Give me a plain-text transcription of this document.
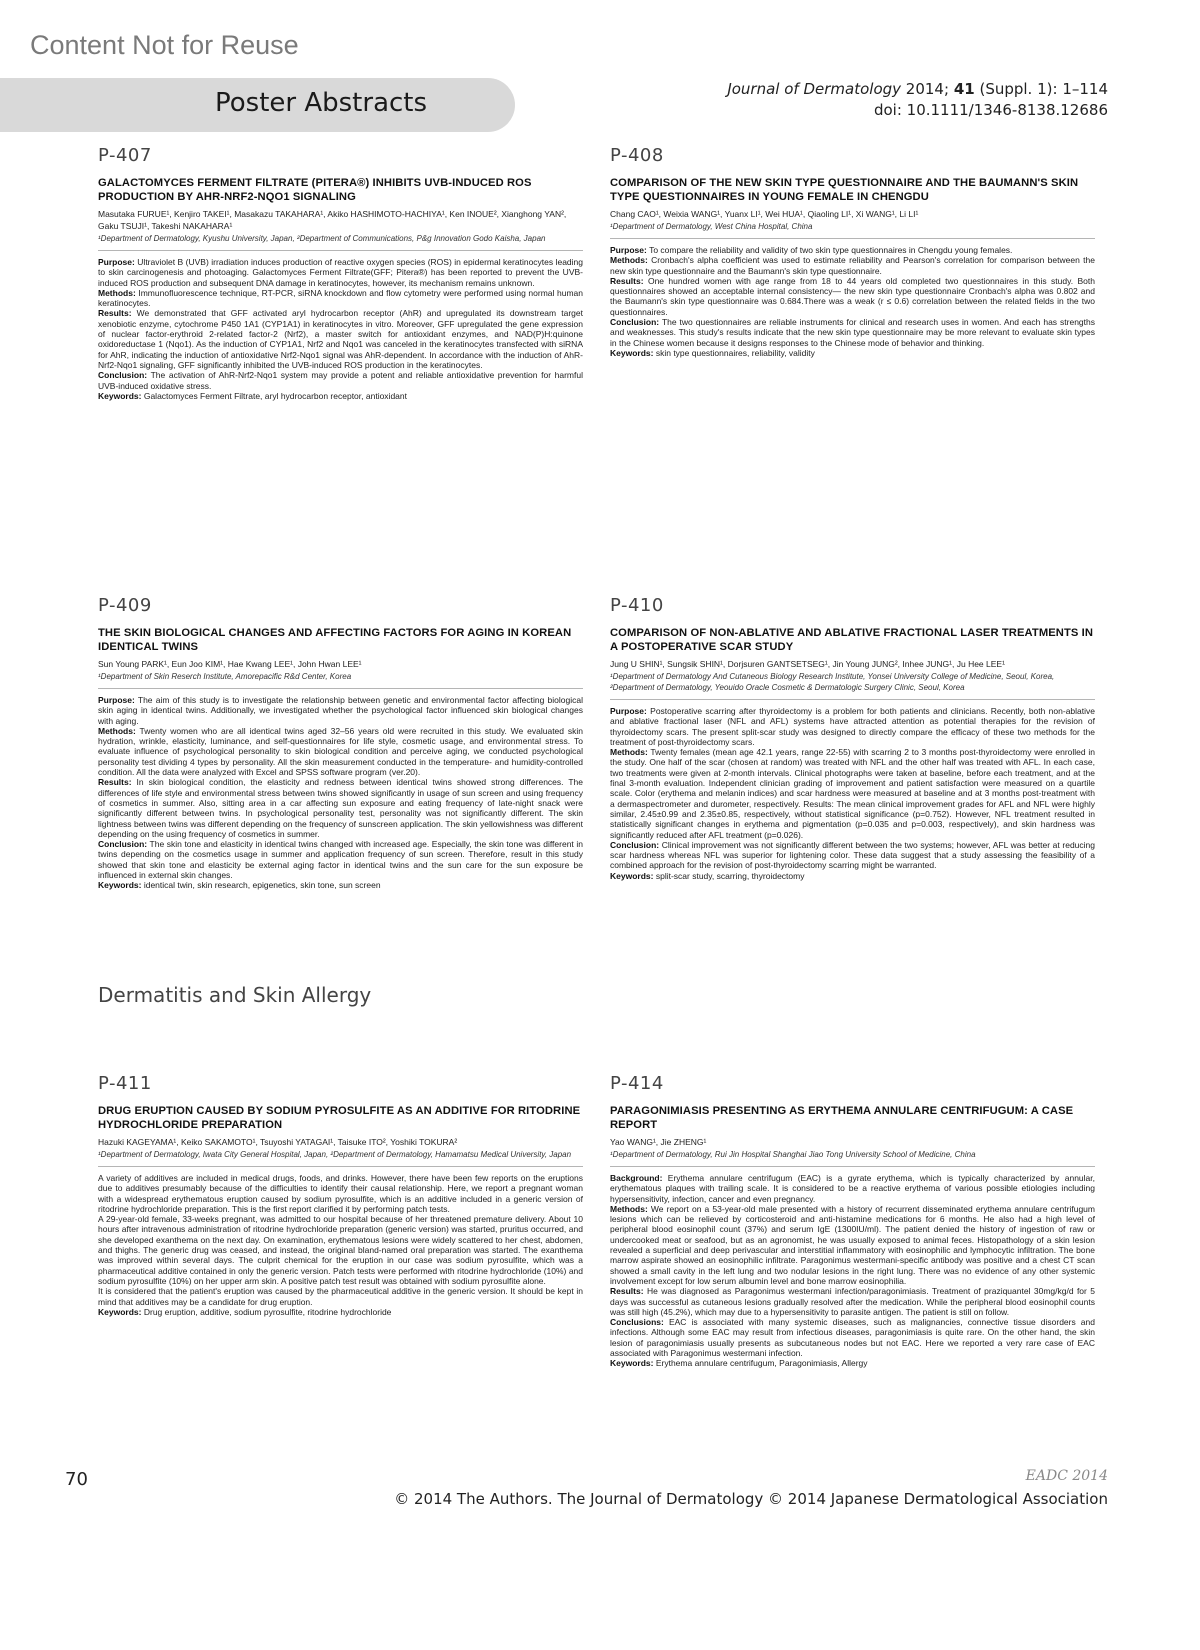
Content Not for Reuse
Poster Abstracts	Journal of Dermatology 2014; 41 (Suppl. 1): 1–114
doi: 10.1111/1346-8138.12686
P-407
GALACTOMYCES FERMENT FILTRATE (PITERA®) INHIBITS UVB-INDUCED ROS PRODUCTION BY AHR-NRF2-NQO1 SIGNALING
Masutaka FURUE¹, Kenjiro TAKEI¹, Masakazu TAKAHARA¹, Akiko HASHIMOTO-HACHIYA¹, Ken INOUE², Xianghong YAN², Gaku TSUJI¹, Takeshi NAKAHARA¹
¹Department of Dermatology, Kyushu University, Japan, ²Department of Communications, P&g Innovation Godo Kaisha, Japan
Purpose: Ultraviolet B (UVB) irradiation induces production of reactive oxygen species (ROS) in epidermal keratinocytes leading to skin carcinogenesis and photoaging. Galactomyces Ferment Filtrate(GFF; Pitera®) has been reported to prevent the UVB-induced ROS production and subsequent DNA damage in keratinocytes, however, its mechanism remains unknown.
Methods: Immunofluorescence technique, RT-PCR, siRNA knockdown and flow cytometry were performed using normal human keratinocytes.
Results: We demonstrated that GFF activated aryl hydrocarbon receptor (AhR) and upregulated its downstream target xenobiotic enzyme, cytochrome P450 1A1 (CYP1A1) in keratinocytes in vitro. Moreover, GFF upregulated the gene expression of nuclear factor-erythroid 2-related factor-2 (Nrf2), a master switch for antioxidant enzymes, and NAD(P)H:quinone oxidoreductase 1 (Nqo1). As the induction of CYP1A1, Nrf2 and Nqo1 was canceled in the keratinocytes transfected with siRNA for AhR, indicating the induction of antioxidative Nrf2-Nqo1 signal was AhR-dependent. In accordance with the induction of AhR-Nrf2-Nqo1 signaling, GFF significantly inhibited the UVB-induced ROS production in the keratinocytes.
Conclusion: The activation of AhR-Nrf2-Nqo1 system may provide a potent and reliable antioxidative prevention for harmful UVB-induced oxidative stress.
Keywords: Galactomyces Ferment Filtrate, aryl hydrocarbon receptor, antioxidant
P-408
COMPARISON OF THE NEW SKIN TYPE QUESTIONNAIRE AND THE BAUMANN'S SKIN TYPE QUESTIONNAIRES IN YOUNG FEMALE IN CHENGDU
Chang CAO¹, Weixia WANG¹, Yuanx LI¹, Wei HUA¹, Qiaoling LI¹, Xi WANG¹, Li LI¹
¹Department of Dermatology, West China Hospital, China
Purpose: To compare the reliability and validity of two skin type questionnaires in Chengdu young females.
Methods: Cronbach's alpha coefficient was used to estimate reliability and Pearson's correlation for comparison between the new skin type questionnaire and the Baumann's skin type questionnaire.
Results: One hundred women with age range from 18 to 44 years old completed two questionnaires in this study. Both questionnaires showed an acceptable internal consistency— the new skin type questionnaire Cronbach's alpha was 0.802 and the Baumann's skin type questionnaire was 0.684.There was a weak (r ≤ 0.6) correlation between the related fields in the two questionnaires.
Conclusion: The two questionnaires are reliable instruments for clinical and research uses in women. And each has strengths and weaknesses. This study's results indicate that the new skin type questionnaire may be more relevant to evaluate skin types in the Chinese women because it designs responses to the Chinese mode of behavior and thinking.
Keywords: skin type questionnaires, reliability, validity
P-409
THE SKIN BIOLOGICAL CHANGES AND AFFECTING FACTORS FOR AGING IN KOREAN IDENTICAL TWINS
Sun Young PARK¹, Eun Joo KIM¹, Hae Kwang LEE¹, John Hwan LEE¹
¹Department of Skin Reserch Institute, Amorepacific R&d Center, Korea
Purpose: The aim of this study is to investigate the relationship between genetic and environmental factor affecting biological skin aging in identical twins. Additionally, we investigated whether the psychological factor influenced skin biological changes with aging.
Methods: Twenty women who are all identical twins aged 32–56 years old were recruited in this study. We evaluated skin hydration, wrinkle, elasticity, luminance, and self-questionnaires for life style, cosmetic usage, and environmental stress. To evaluate influence of psychological personality to skin biological condition and perceive aging, we conducted psychological personality test dividing 4 types by personality. All the skin measurement conducted in the temperature- and humidity-controlled condition. All the data were analyzed with Excel and SPSS software program (ver.20).
Results: In skin biological condition, the elasticity and redness between identical twins showed strong differences. The differences of life style and environmental stress between twins showed significantly in usage of sun screen and using frequency of cosmetics in summer. Also, sitting area in a car affecting sun exposure and eating frequency of late-night snack were significantly different between twins. In psychological personality test, personality was not significantly different. The skin lightness between twins was different depending on the frequency of sunscreen application. The skin yellowishness was different depending on the using frequency of cosmetics in summer.
Conclusion: The skin tone and elasticity in identical twins changed with increased age. Especially, the skin tone was different in twins depending on the cosmetics usage in summer and application frequency of sun screen. Therefore, result in this study showed that skin tone and elasticity be external aging factor in identical twins and the sun care for the sun exposure be influenced in external skin changes.
Keywords: identical twin, skin research, epigenetics, skin tone, sun screen
P-410
COMPARISON OF NON-ABLATIVE AND ABLATIVE FRACTIONAL LASER TREATMENTS IN A POSTOPERATIVE SCAR STUDY
Jung U SHIN¹, Sungsik SHIN¹, Dorjsuren GANTSETSEG¹, Jin Young JUNG², Inhee JUNG¹, Ju Hee LEE¹
¹Department of Dermatology And Cutaneous Biology Research Institute, Yonsei University College of Medicine, Seoul, Korea, ²Department of Dermatology, Yeouido Oracle Cosmetic & Dermatologic Surgery Clinic, Seoul, Korea
Purpose: Postoperative scarring after thyroidectomy is a problem for both patients and clinicians. Recently, both non-ablative and ablative fractional laser (NFL and AFL) systems have attracted attention as potential therapies for the revision of thyroidectomy scars. The present split-scar study was designed to directly compare the efficacy of these two methods for the treatment of post-thyroidectomy scars.
Methods: Twenty females (mean age 42.1 years, range 22-55) with scarring 2 to 3 months post-thyroidectomy were enrolled in the study. One half of the scar (chosen at random) was treated with NFL and the other half was treated with AFL. In each case, two treatments were given at 2-month intervals. Clinical photographs were taken at baseline, before each treatment, and at the final 3-month evaluation. Independent clinician grading of improvement and patient satisfaction were measured on a quartile scale. Color (erythema and melanin indices) and scar hardness were measured at baseline and at 3 months post-treatment with a dermaspectrometer and durometer, respectively. Results: The mean clinical improvement grades for AFL and NFL were highly similar, 2.45±0.99 and 2.35±0.85, respectively, without statistical significance (p=0.752). However, NFL treatment resulted in statistically significant changes in erythema and pigmentation (p=0.035 and p=0.003, respectively), and skin hardness was significantly reduced after AFL treatment (p=0.026).
Conclusion: Clinical improvement was not significantly different between the two systems; however, AFL was better at reducing scar hardness whereas NFL was superior for lightening color. These data suggest that a study assessing the feasibility of a combined approach for the revision of post-thyroidectomy scarring might be warranted.
Keywords: split-scar study, scarring, thyroidectomy
Dermatitis and Skin Allergy
P-411
DRUG ERUPTION CAUSED BY SODIUM PYROSULFITE AS AN ADDITIVE FOR RITODRINE HYDROCHLORIDE PREPARATION
Hazuki KAGEYAMA¹, Keiko SAKAMOTO¹, Tsuyoshi YATAGAI¹, Taisuke ITO², Yoshiki TOKURA²
¹Department of Dermatology, Iwata City General Hospital, Japan, ²Department of Dermatology, Hamamatsu Medical University, Japan
A variety of additives are included in medical drugs, foods, and drinks. However, there have been few reports on the eruptions due to additives presumably because of the difficulties to identify their causal relationship. Here, we report a pregnant woman with a widespread erythematous eruption caused by sodium pyrosulfite, which is an additive included in a generic version of ritodrine hydrochloride preparation. This is the first report clarified it by performing patch tests.
A 29-year-old female, 33-weeks pregnant, was admitted to our hospital because of her threatened premature delivery. About 10 hours after intravenous administration of ritodrine hydrochloride preparation (generic version) was started, pruritus occurred, and she developed exanthema on the next day. On examination, erythematous lesions were widely scattered to her chest, abdomen, and thighs. The generic drug was ceased, and instead, the original bland-named oral preparation was started. The exanthema was improved within several days. The culprit chemical for the eruption in our case was sodium pyrosulfite, which was a pharmaceutical additive contained in only the generic version. Patch tests were performed with ritodrine hydrochloride (10%) and sodium pyrosulfite (10%) on her upper arm skin. A positive patch test result was obtained with sodium pyrosulfite alone.
It is considered that the patient's eruption was caused by the pharmaceutical additive in the generic version. It should be kept in mind that additives may be a candidate for drug eruption.
Keywords: Drug eruption, additive, sodium pyrosulfite, ritodrine hydrochloride
P-414
PARAGONIMIASIS PRESENTING AS ERYTHEMA ANNULARE CENTRIFUGUM: A CASE REPORT
Yao WANG¹, Jie ZHENG¹
¹Department of Dermatology, Rui Jin Hospital Shanghai Jiao Tong University School of Medicine, China
Background: Erythema annulare centrifugum (EAC) is a gyrate erythema, which is typically characterized by annular, erythematous plaques with trailing scale. It is considered to be a reactive erythema of various possible etiologies including hypersensitivity, infection, cancer and even pregnancy.
Methods: We report on a 53-year-old male presented with a history of recurrent disseminated erythema annulare centrifugum lesions which can be relieved by corticosteroid and anti-histamine medications for 6 months. He also had a high level of peripheral blood eosinophil count (37%) and serum IgE (1300IU/ml). The patient denied the history of ingestion of raw or undercooked meat or seafood, but as an agronomist, he was usually exposed to animal feces. Histopathology of a skin lesion revealed a superficial and deep perivascular and interstitial inflammatory with eosinophilic and lymphocytic infiltration. The bone marrow aspirate showed an eosinophilic infiltrate. Paragonimus westermani-specific antibody was positive and a chest CT scan showed a small cavity in the left lung and two nodular lesions in the right lung. There was no evidence of any other systemic involvement except for low serum albumin level and bone marrow eosinophilia.
Results: He was diagnosed as Paragonimus westermani infection/paragonimiasis. Treatment of praziquantel 30mg/kg/d for 5 days was successful as cutaneous lesions gradually resolved after the medication. While the peripheral blood eosinophil counts was still high (45.2%), which may due to a hypersensitivity to parasite antigen. The patient is still on follow.
Conclusions: EAC is associated with many systemic diseases, such as malignancies, connective tissue disorders and infections. Although some EAC may result from infectious diseases, paragonimiasis is quite rare. On the other hand, the skin lesion of paragonimiasis usually presents as subcutaneous nodes but not EAC. Here we reported a very rare case of EAC associated with Paragonimus westermani infection.
Keywords: Erythema annulare centrifugum, Paragonimiasis, Allergy
70	EADC 2014
© 2014 The Authors. The Journal of Dermatology © 2014 Japanese Dermatological Association
